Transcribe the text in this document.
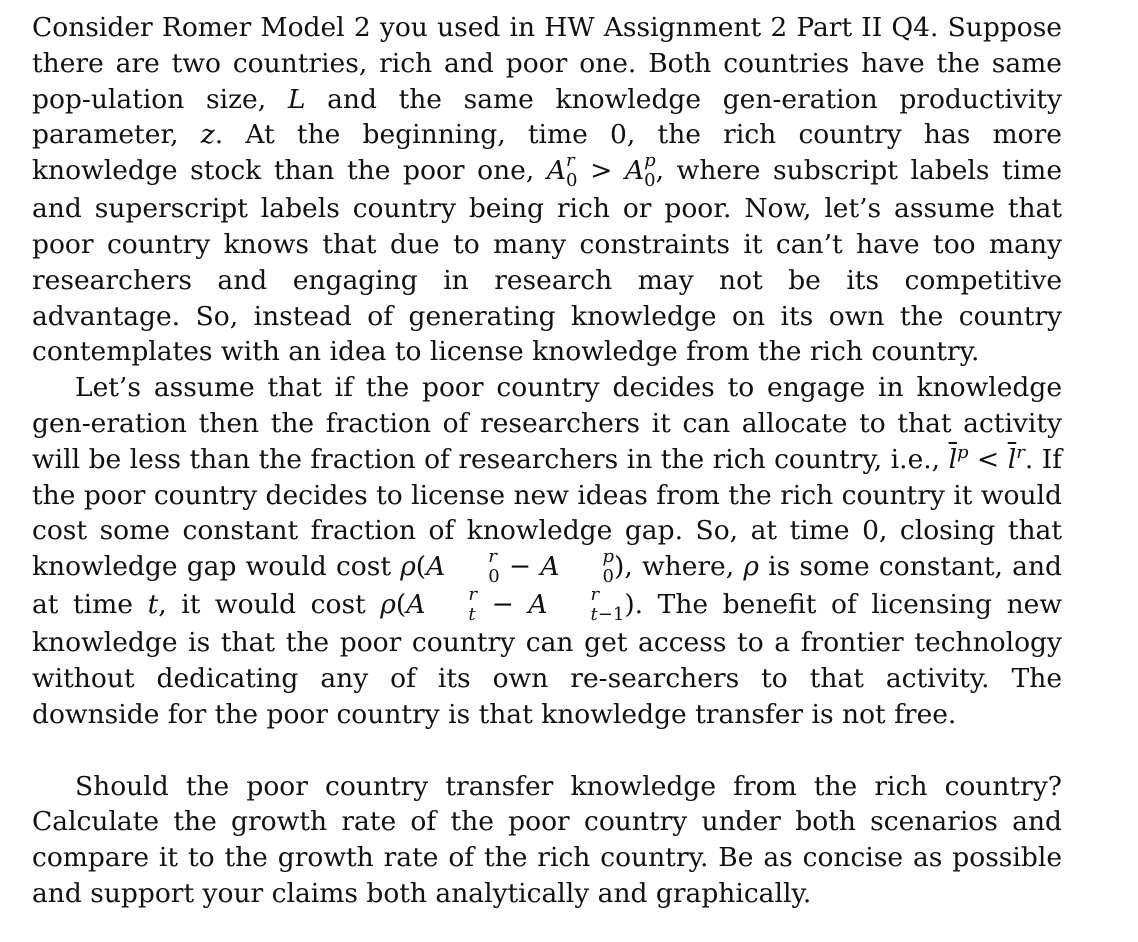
Consider Romer Model 2 you used in HW Assignment 2 Part II Q4. Suppose there are two countries, rich and poor one. Both countries have the same pop-ulation size, L and the same knowledge gen-eration productivity parameter, z. At the beginning, time 0, the rich country has more knowledge stock than the poor one, A r
0 > A p
0 , where subscript labels time and superscript labels country being rich or poor. Now, let’s assume that poor country knows that due to many constraints it can’t have too many researchers and engaging in research may not be its competitive advantage. So, instead of generating knowledge on its own the country contemplates with an idea to license knowledge from the rich country.

Let’s assume that if the poor country decides to engage in knowledge gen-eration then the fraction of researchers it can allocate to that activity will be less than the fraction of researchers in the rich country, i.e., $\overline{l}^p < \overline{l}^r$. If the poor country decides to license new ideas from the rich country it would cost some constant fraction of knowledge gap. So, at time 0, closing that knowledge gap would cost ρ(A	r
0 − A	p
0 ), where, ρ is some constant, and at time t, it would cost ρ(A	r
t − A	r
t−1 ). The benefit of licensing new knowledge is that the poor country can get access to a frontier technology without dedicating any of its own re-searchers to that activity. The downside for the poor country is that knowledge transfer is not free.

Should the poor country transfer knowledge from the rich country? Calculate the growth rate of the poor country under both scenarios and compare it to the growth rate of the rich country. Be as concise as possible and support your claims both analytically and graphically.
